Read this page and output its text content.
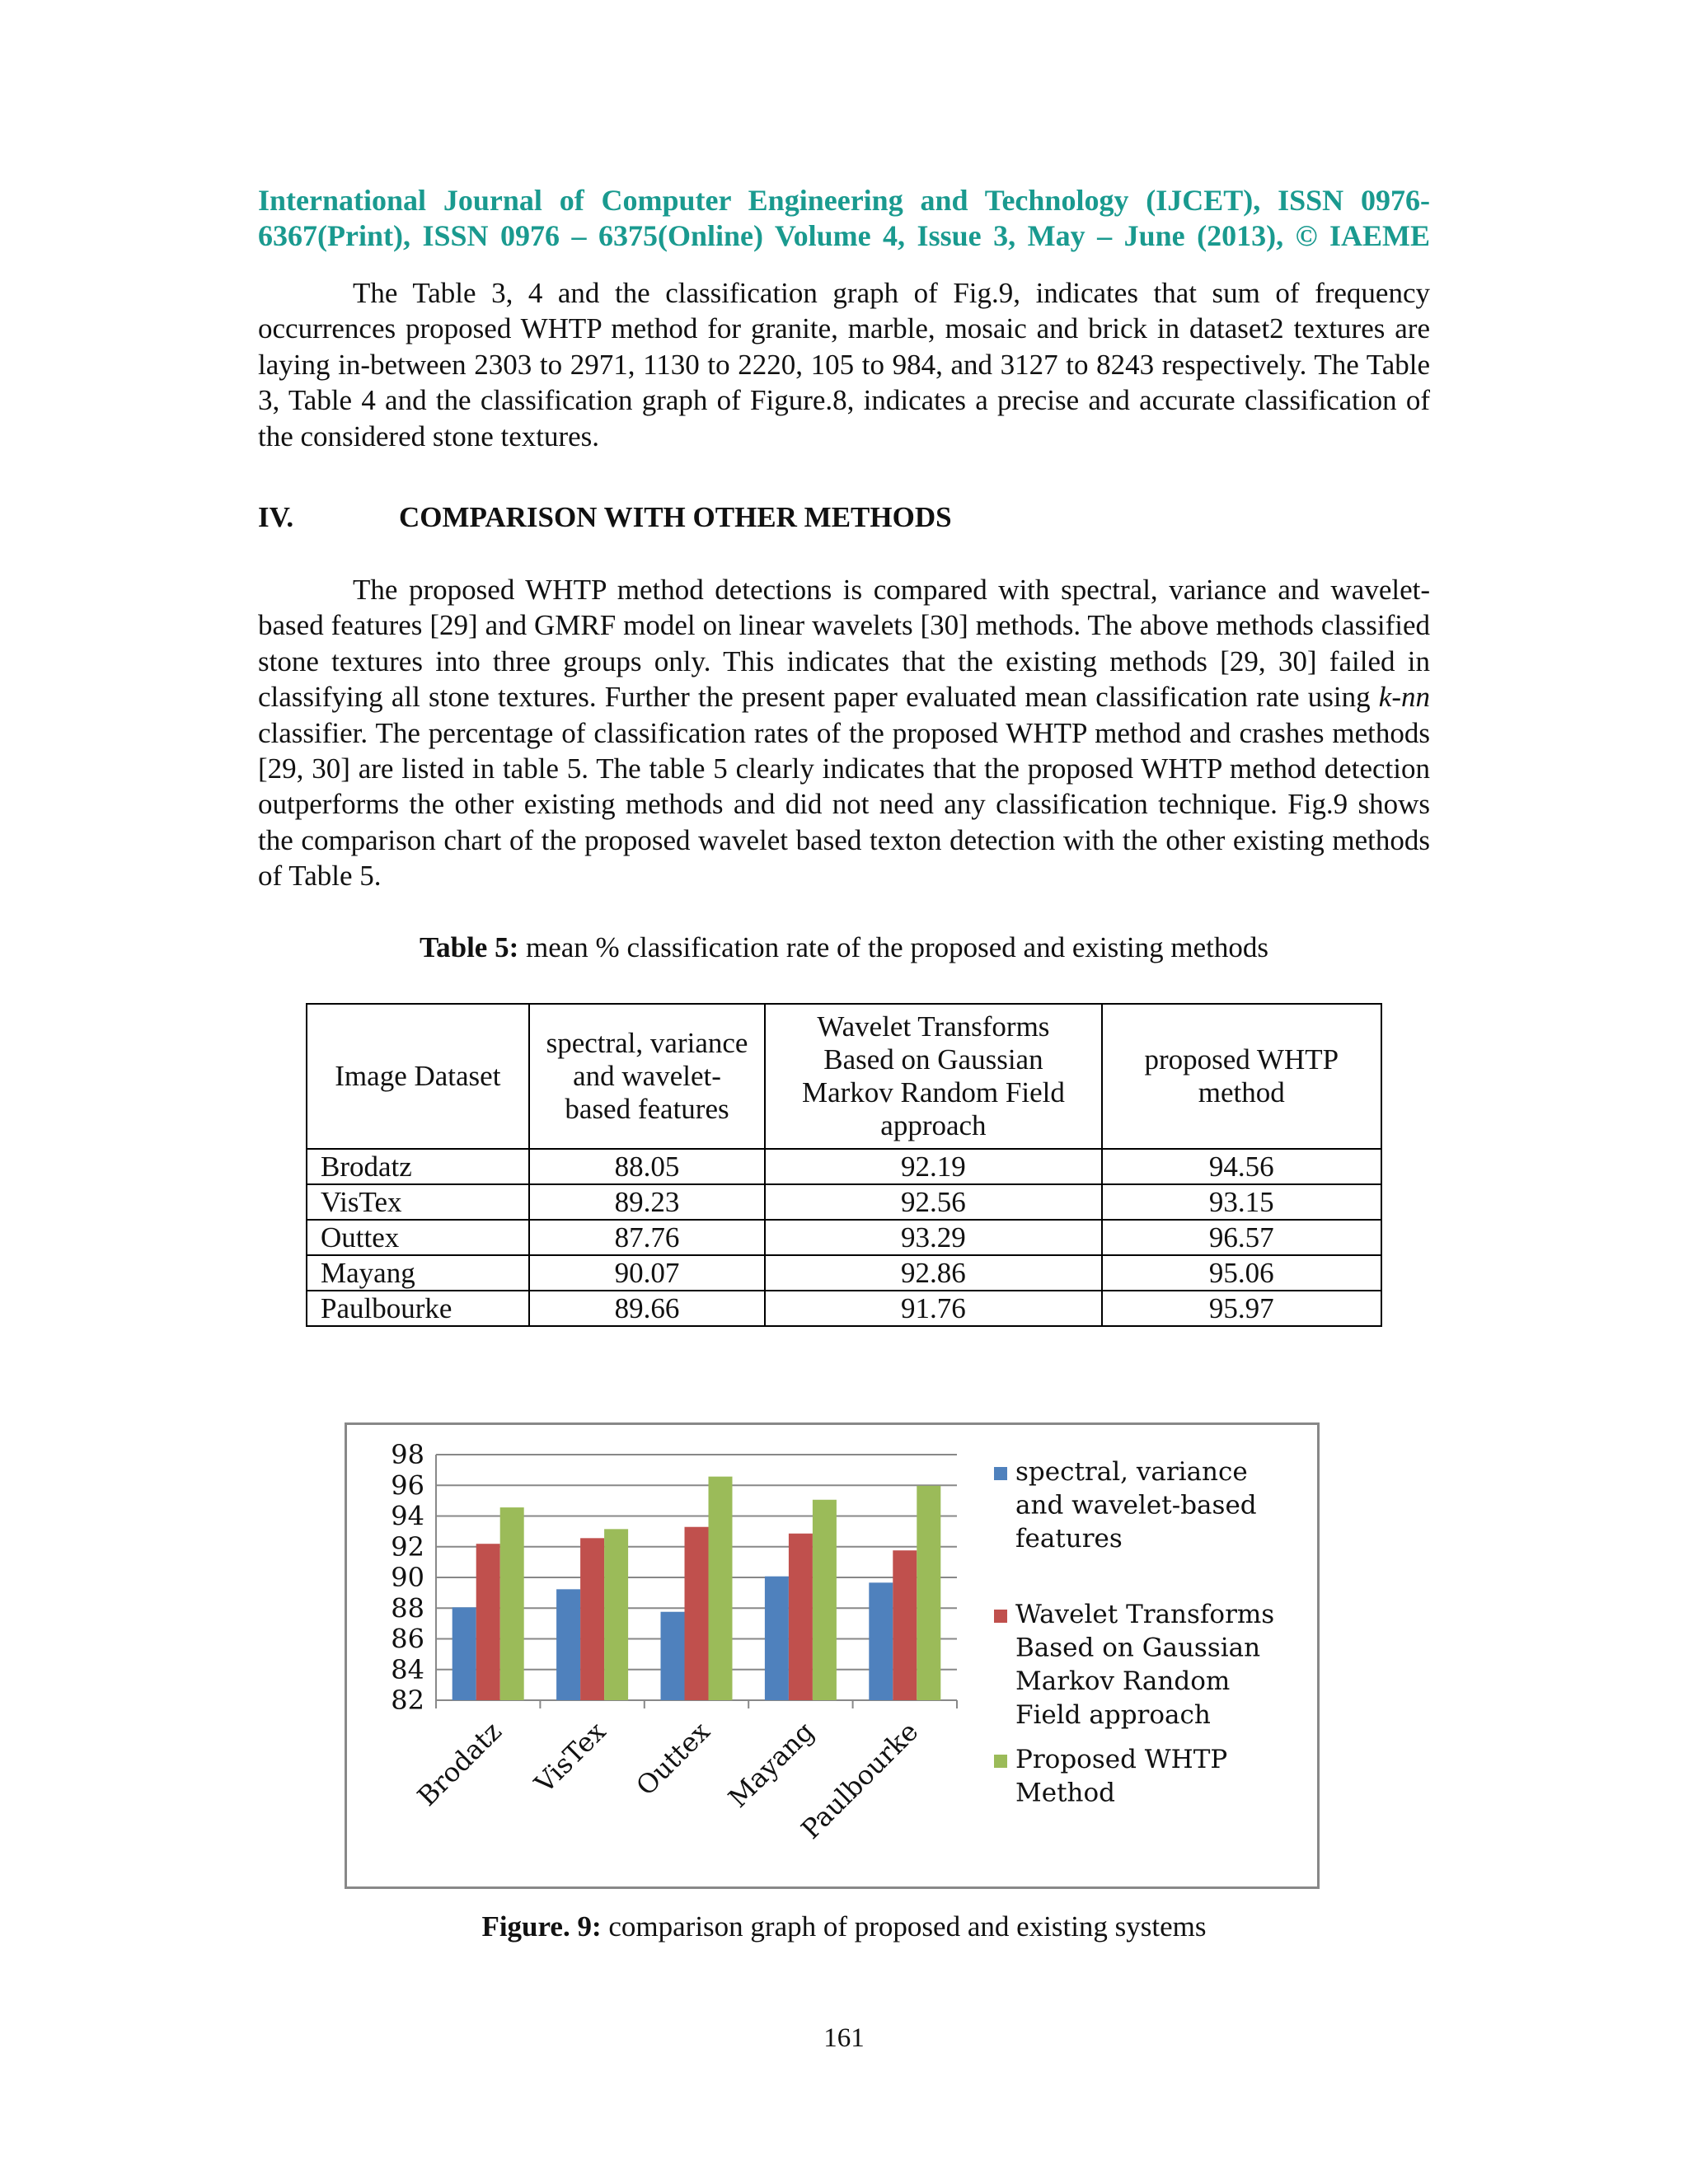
International Journal of Computer Engineering and Technology (IJCET), ISSN 0976-
6367(Print), ISSN 0976 – 6375(Online) Volume 4, Issue 3, May – June (2013), © IAEME

The Table 3, 4 and the classification graph of Fig.9, indicates that sum of frequency occurrences proposed WHTP method for granite, marble, mosaic and brick in dataset2 textures are laying in-between 2303 to 2971, 1130 to 2220, 105 to 984, and 3127 to 8243 respectively. The Table 3, Table 4 and the classification graph of Figure.8, indicates a precise and accurate classification of the considered stone textures.

IV.	COMPARISON WITH OTHER METHODS

The proposed WHTP method detections is compared with spectral, variance and wavelet-based features [29] and GMRF model on linear wavelets [30] methods. The above methods classified stone textures into three groups only. This indicates that the existing methods [29, 30] failed in classifying all stone textures. Further the present paper evaluated mean classification rate using k-nn classifier. The percentage of classification rates of the proposed WHTP method and crashes methods [29, 30] are listed in table 5. The table 5 clearly indicates that the proposed WHTP method detection outperforms the other existing methods and did not need any classification technique. Fig.9 shows the comparison chart of the proposed wavelet based texton detection with the other existing methods of Table 5.

Table 5: mean % classification rate of the proposed and existing methods
Image Dataset	spectral, variance and wavelet-based features	Wavelet Transforms Based on Gaussian Markov Random Field approach	proposed WHTP method
Brodatz	88.05	92.19	94.56
VisTex	89.23	92.56	93.15
Outtex	87.76	93.29	96.57
Mayang	90.07	92.86	95.06
Paulbourke	89.66	91.76	95.97
82
84
86
88
90
92
94
96
98
Brodatz VisTex Outtex Mayang
Paulbourke
spectral, variance
and wavelet-based
features
Wavelet Transforms
Based on Gaussian
Markov Random
Field approach
Proposed WHTP
Method
Figure. 9: comparison graph of proposed and existing systems
161
